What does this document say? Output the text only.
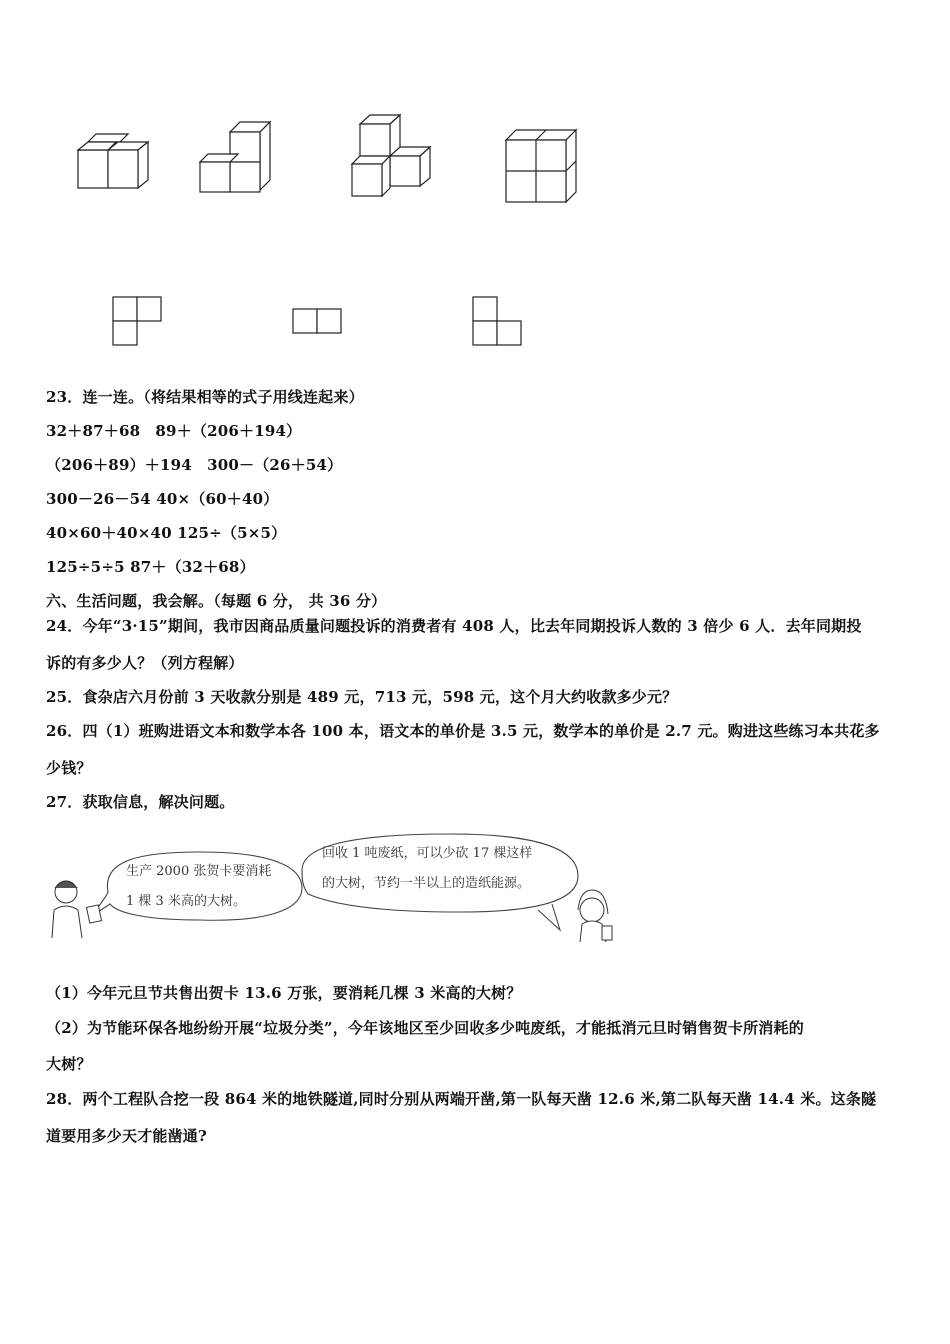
23．连一连。（将结果相等的式子用线连起来）
32＋87＋68　89＋（206＋194）
（206＋89）＋194　300－（26＋54）
300－26－54 40×（60＋40）
40×60＋40×40 125÷（5×5）
125÷5÷5 87＋（32＋68）
六、生活问题，我会解。（每题 6 分， 共 36 分）
24．今年“3·15”期间，我市因商品质量问题投诉的消费者有 408 人，比去年同期投诉人数的 3 倍少 6 人．去年同期投
诉的有多少人？（列方程解）
25．食杂店六月份前 3 天收款分别是 489 元，713 元，598 元，这个月大约收款多少元？
26．四（1）班购进语文本和数学本各 100 本，语文本的单价是 3.5 元，数学本的单价是 2.7 元。购进这些练习本共花多
少钱？
27．获取信息，解决问题。
生产 2000 张贺卡要消耗
1 棵 3 米高的大树。
回收 1 吨废纸，可以少砍 17 棵这样
的大树，节约一半以上的造纸能源。
（1）今年元旦节共售出贺卡 13.6 万张，要消耗几棵 3 米高的大树？
（2）为节能环保各地纷纷开展“垃圾分类”，今年该地区至少回收多少吨废纸，才能抵消元旦时销售贺卡所消耗的
大树？
28．两个工程队合挖一段 864 米的地铁隧道,同时分别从两端开凿,第一队每天凿 12.6 米,第二队每天凿 14.4 米。这条隧
道要用多少天才能凿通?
